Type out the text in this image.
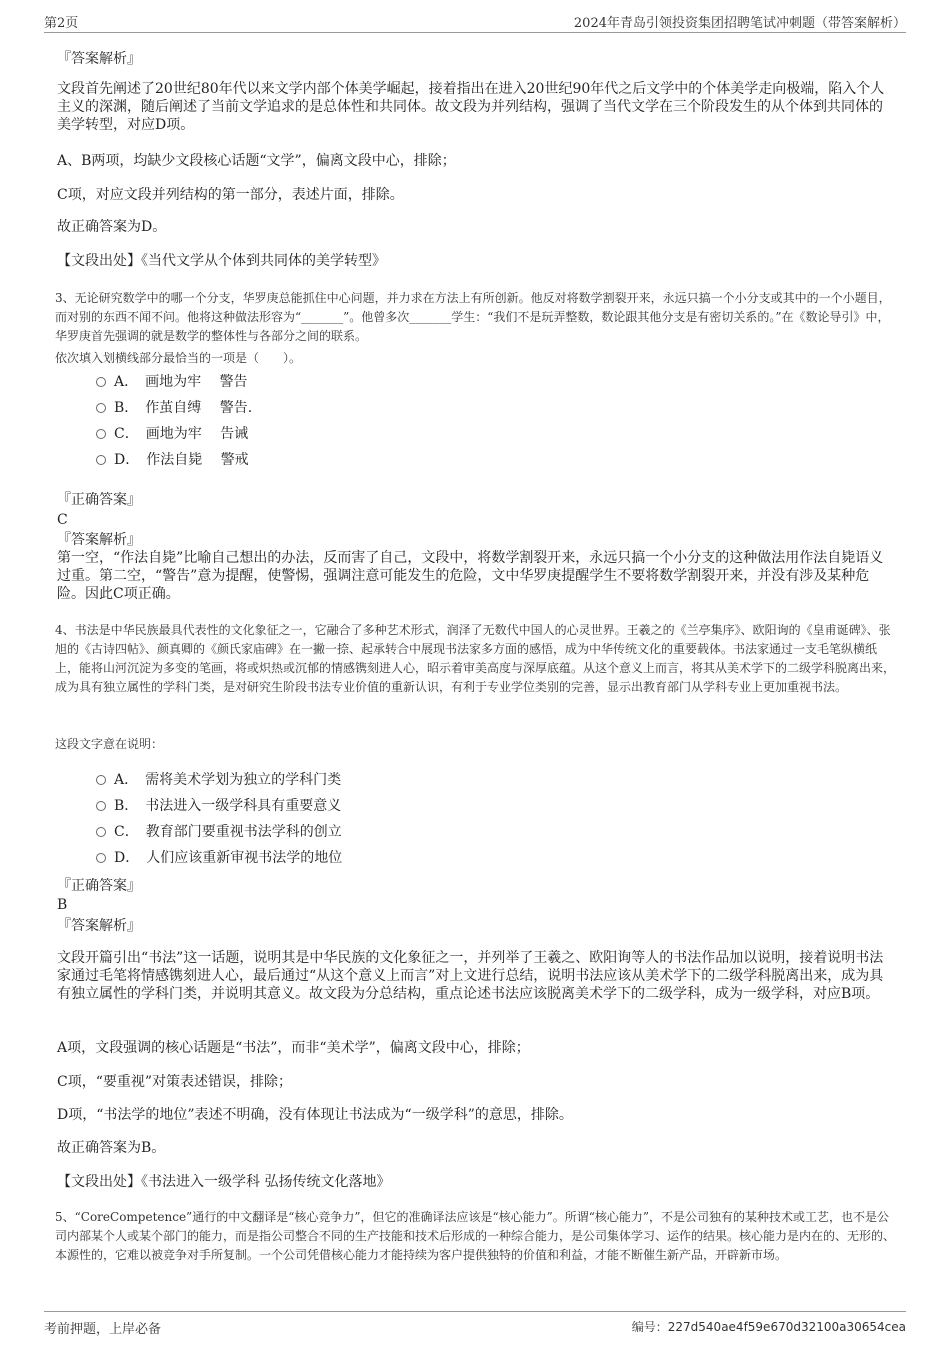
第2页	2024年青岛引领投资集团招聘笔试冲刺题（带答案解析）

『答案解析』

文段首先阐述了20世纪80年代以来文学内部个体美学崛起，接着指出在进入20世纪90年代之后文学中的个体美学走向极端，陷入个人主义的深渊，随后阐述了当前文学追求的是总体性和共同体。故文段为并列结构，强调了当代文学在三个阶段发生的从个体到共同体的美学转型，对应D项。

A、B两项，均缺少文段核心话题“文学”，偏离文段中心，排除；

C项，对应文段并列结构的第一部分，表述片面，排除。

故正确答案为D。

【文段出处】《当代文学从个体到共同体的美学转型》

3、无论研究数学中的哪一个分支，华罗庚总能抓住中心问题，并力求在方法上有所创新。他反对将数学割裂开来，永远只搞一个小分支或其中的一个小题目，而对别的东西不闻不问。他将这种做法形容为“_______”。他曾多次_______学生：“我们不是玩弄整数，数论跟其他分支是有密切关系的。”在《数论导引》中，华罗庚首先强调的就是数学的整体性与各部分之间的联系。

依次填入划横线部分最恰当的一项是（　　）。

A．　画地为牢　 警告
B．　作茧自缚　 警告.
C．　画地为牢　 告诫
D．　作法自毙　 警戒

『正确答案』

C

『答案解析』

第一空，“作法自毙”比喻自己想出的办法，反而害了自己，文段中，将数学割裂开来，永远只搞一个小分支的这种做法用作法自毙语义过重。第二空，“警告”意为提醒，使警惕，强调注意可能发生的危险，文中华罗庚提醒学生不要将数学割裂开来，并没有涉及某种危险。因此C项正确。

4、书法是中华民族最具代表性的文化象征之一，它融合了多种艺术形式，润泽了无数代中国人的心灵世界。王羲之的《兰亭集序》、欧阳询的《皇甫诞碑》、张旭的《古诗四帖》、颜真卿的《颜氏家庙碑》在一撇一捺、起承转合中展现书法家多方面的感悟，成为中华传统文化的重要载体。书法家通过一支毛笔纵横纸上，能将山河沉淀为多变的笔画，将或炽热或沉郁的情感镌刻进人心，昭示着审美高度与深厚底蕴。从这个意义上而言，将其从美术学下的二级学科脱离出来，成为具有独立属性的学科门类，是对研究生阶段书法专业价值的重新认识，有利于专业学位类别的完善，显示出教育部门从学科专业上更加重视书法。

这段文字意在说明：

A．　需将美术学划为独立的学科门类
B．　书法进入一级学科具有重要意义
C．　教育部门要重视书法学科的创立
D．　人们应该重新审视书法学的地位

『正确答案』

B

『答案解析』

文段开篇引出“书法”这一话题，说明其是中华民族的文化象征之一，并列举了王羲之、欧阳询等人的书法作品加以说明，接着说明书法家通过毛笔将情感镌刻进人心，最后通过“从这个意义上而言”对上文进行总结，说明书法应该从美术学下的二级学科脱离出来，成为具有独立属性的学科门类，并说明其意义。故文段为分总结构，重点论述书法应该脱离美术学下的二级学科，成为一级学科，对应B项。

A项，文段强调的核心话题是“书法”，而非“美术学”，偏离文段中心，排除；

C项，“要重视”对策表述错误，排除；

D项，“书法学的地位”表述不明确，没有体现让书法成为“一级学科”的意思，排除。

故正确答案为B。

【文段出处】《书法进入一级学科 弘扬传统文化落地》

5、“CoreCompetence”通行的中文翻译是“核心竞争力”，但它的准确译法应该是“核心能力”。所谓“核心能力”，不是公司独有的某种技术或工艺，也不是公司内部某个人或某个部门的能力，而是指公司整合不同的生产技能和技术后形成的一种综合能力，是公司集体学习、运作的结果。核心能力是内在的、无形的、本源性的，它难以被竞争对手所复制。一个公司凭借核心能力才能持续为客户提供独特的价值和利益，才能不断催生新产品，开辟新市场。

考前押题，上岸必备	编号：227d540ae4f59e670d32100a30654cea
